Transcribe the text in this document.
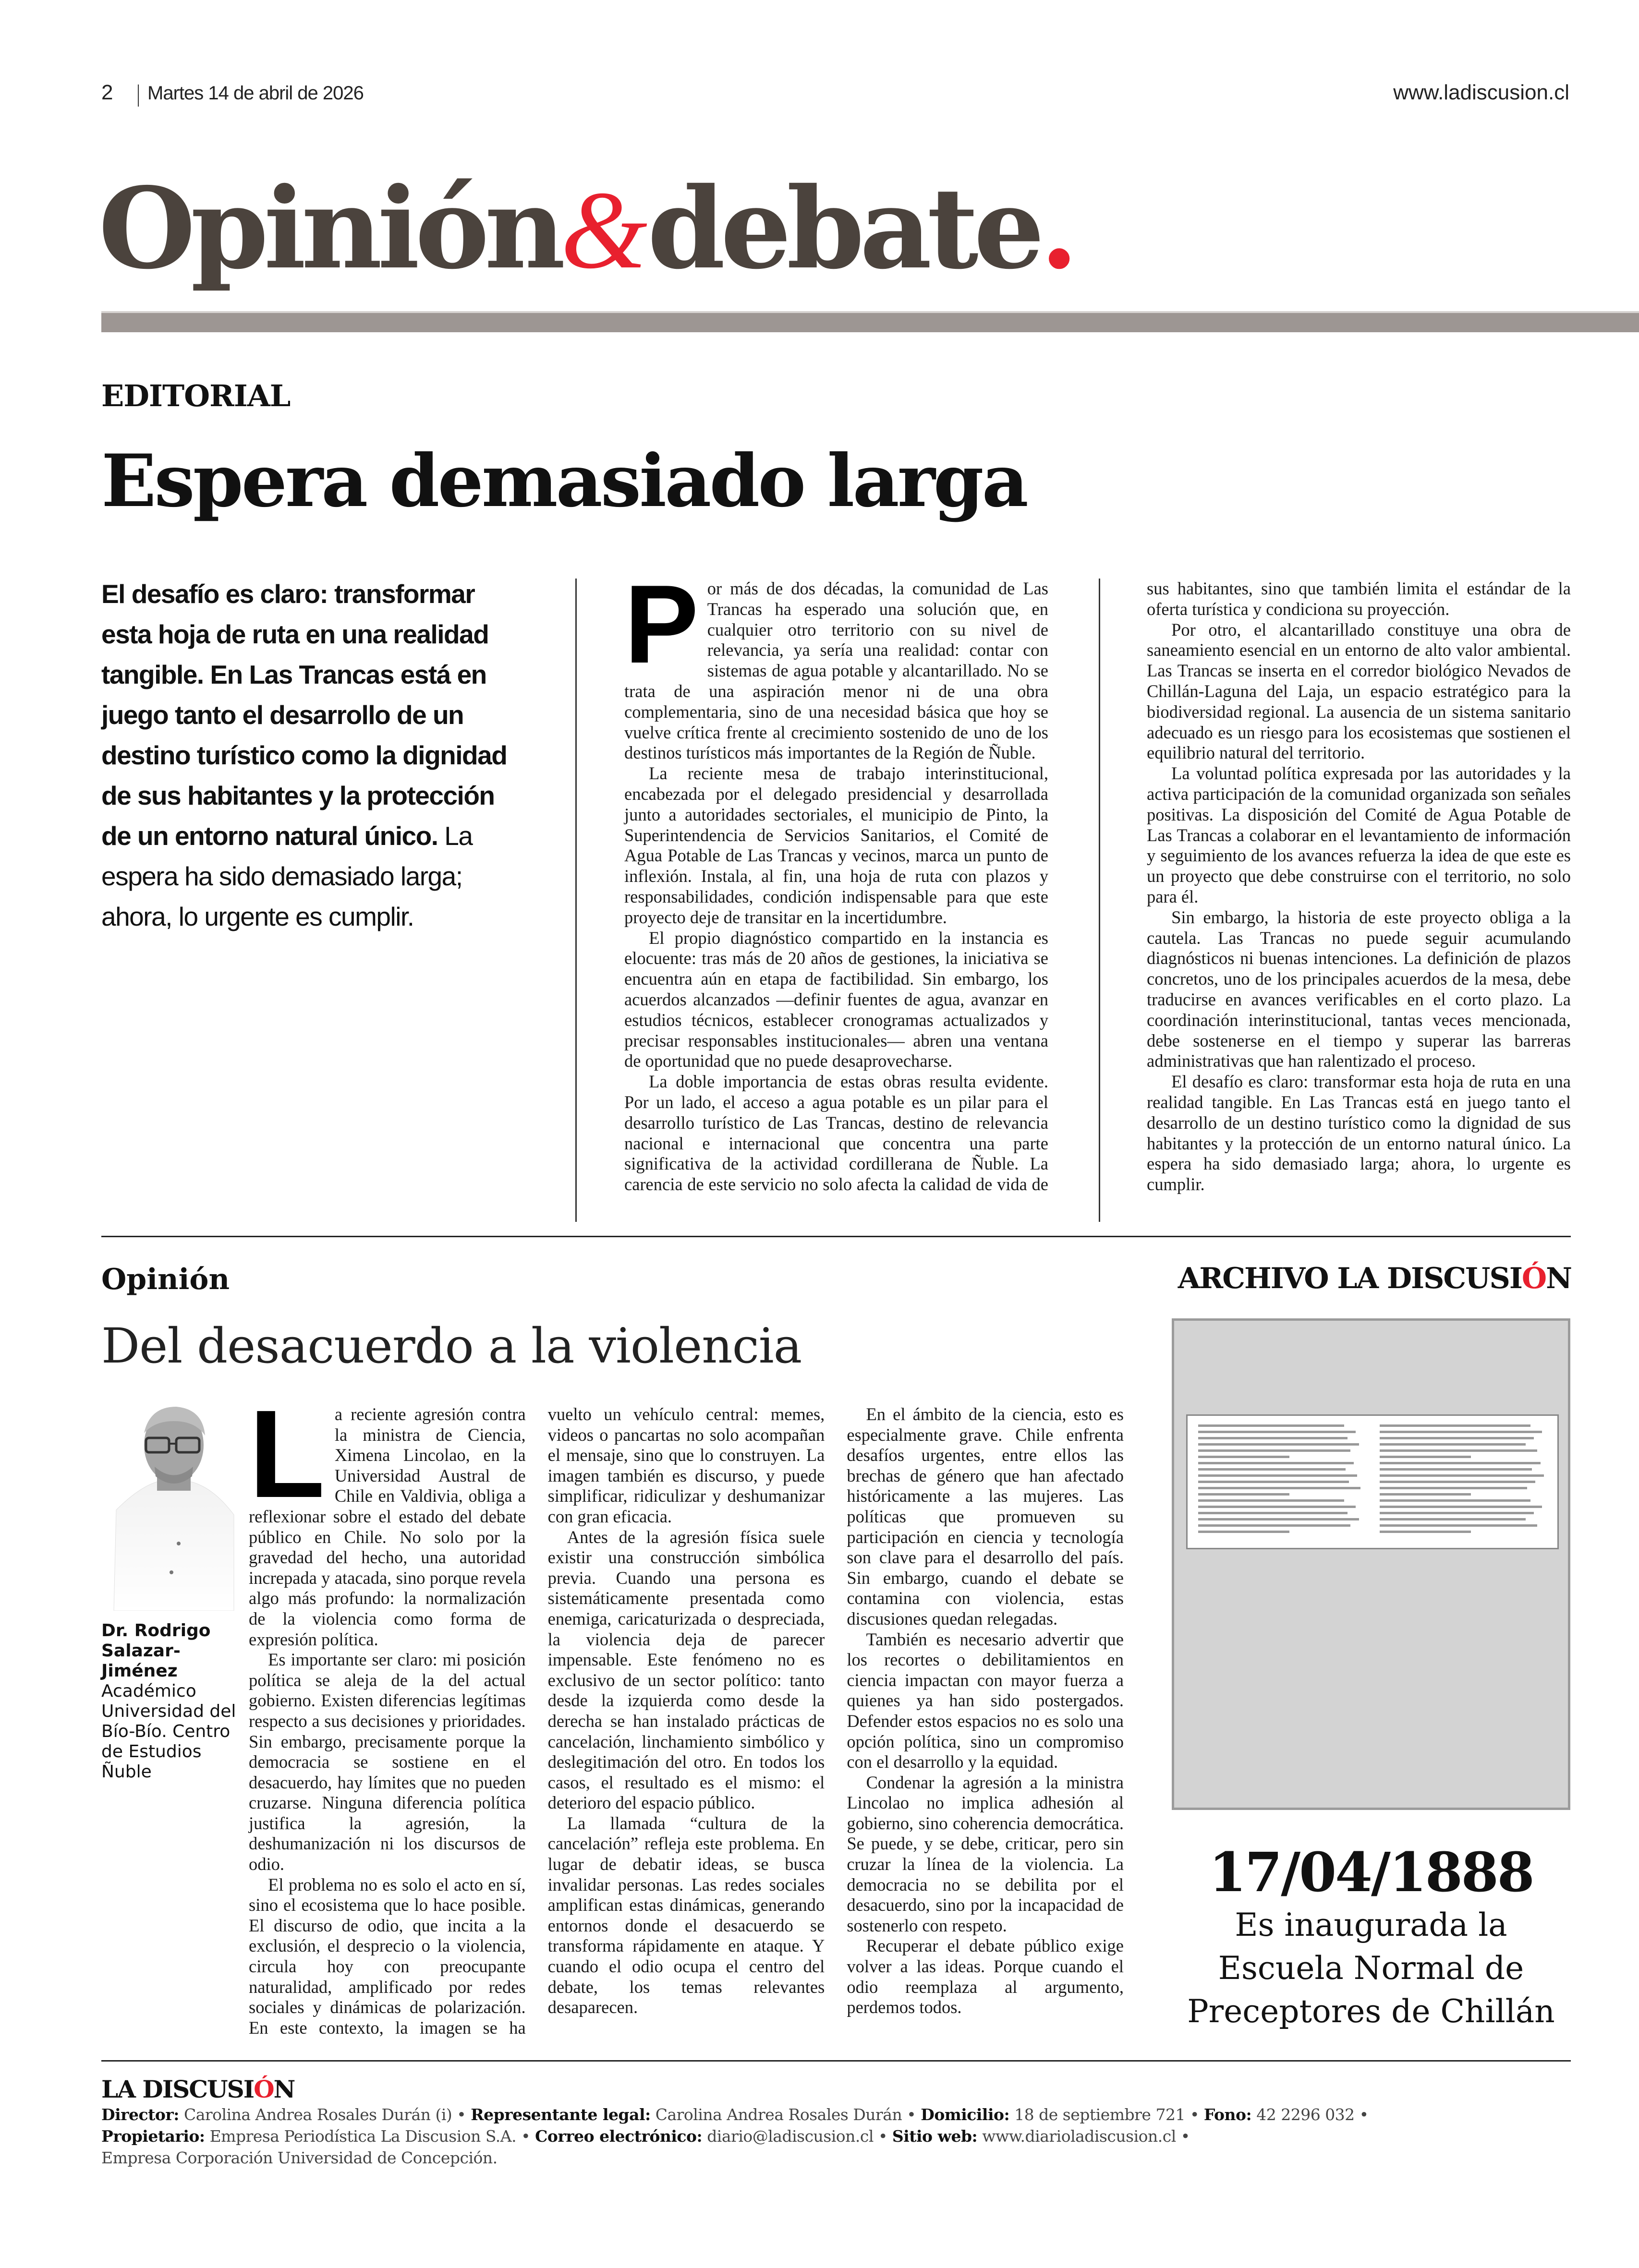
2 Martes 14 de abril de 2026	www.ladiscusion.cl
Opinión&debate.
EDITORIAL
Espera demasiado larga
El desafío es claro: transformar esta hoja de ruta en una realidad tangible. En Las Trancas está en juego tanto el desarrollo de un destino turístico como la dignidad de sus habitantes y la protección de un entorno natural único. La espera ha sido demasiado larga; ahora, lo urgente es cumplir.

Por más de dos décadas, la comunidad de Las Trancas ha esperado una solución que, en cualquier otro territorio con su nivel de relevancia, ya sería una realidad: contar con sistemas de agua potable y alcantarillado. No se trata de una aspiración menor ni de una obra complementaria, sino de una necesidad básica que hoy se vuelve crítica frente al crecimiento sostenido de uno de los destinos turísticos más importantes de la Región de Ñuble.

La reciente mesa de trabajo interinstitucional, encabezada por el delegado presidencial y desarrollada junto a autoridades sectoriales, el municipio de Pinto, la Superintendencia de Servicios Sanitarios, el Comité de Agua Potable de Las Trancas y vecinos, marca un punto de inflexión. Instala, al fin, una hoja de ruta con plazos y responsabilidades, condición indispensable para que este proyecto deje de transitar en la incertidumbre.

El propio diagnóstico compartido en la instancia es elocuente: tras más de 20 años de gestiones, la iniciativa se encuentra aún en etapa de factibilidad. Sin embargo, los acuerdos alcanzados —definir fuentes de agua, avanzar en estudios técnicos, establecer cronogramas actualizados y precisar responsables institucionales— abren una ventana de oportunidad que no puede desaprovecharse.

La doble importancia de estas obras resulta evidente. Por un lado, el acceso a agua potable es un pilar para el desarrollo turístico de Las Trancas, destino de relevancia nacional e internacional que concentra una parte significativa de la actividad cordillerana de Ñuble. La carencia de este servicio no solo afecta la calidad de vida de sus habitantes, sino que también limita el estándar de la oferta turística y condiciona su proyección.

Por otro, el alcantarillado constituye una obra de saneamiento esencial en un entorno de alto valor ambiental. Las Trancas se inserta en el corredor biológico Nevados de Chillán-Laguna del Laja, un espacio estratégico para la biodiversidad regional. La ausencia de un sistema sanitario adecuado es un riesgo para los ecosistemas que sostienen el equilibrio natural del territorio.

La voluntad política expresada por las autoridades y la activa participación de la comunidad organizada son señales positivas. La disposición del Comité de Agua Potable de Las Trancas a colaborar en el levantamiento de información y seguimiento de los avances refuerza la idea de que este es un proyecto que debe construirse con el territorio, no solo para él.

Sin embargo, la historia de este proyecto obliga a la cautela. Las Trancas no puede seguir acumulando diagnósticos ni buenas intenciones. La definición de plazos concretos, uno de los principales acuerdos de la mesa, debe traducirse en avances verificables en el corto plazo. La coordinación interinstitucional, tantas veces mencionada, debe sostenerse en el tiempo y superar las barreras administrativas que han ralentizado el proceso.

El desafío es claro: transformar esta hoja de ruta en una realidad tangible. En Las Trancas está en juego tanto el desarrollo de un destino turístico como la dignidad de sus habitantes y la protección de un entorno natural único. La espera ha sido demasiado larga; ahora, lo urgente es cumplir.

Opinión
Del desacuerdo a la violencia
Dr. Rodrigo
Salazar-
Jiménez
Académico Universidad del Bío-Bío. Centro de Estudios Ñuble

La reciente agresión contra la ministra de Ciencia, Ximena Lincolao, en la Universidad Austral de Chile en Valdivia, obliga a reflexionar sobre el estado del debate público en Chile. No solo por la gravedad del hecho, una autoridad increpada y atacada, sino porque revela algo más profundo: la normalización de la violencia como forma de expresión política.

Es importante ser claro: mi posición política se aleja de la del actual gobierno. Existen diferencias legítimas respecto a sus decisiones y prioridades. Sin embargo, precisamente porque la democracia se sostiene en el desacuerdo, hay límites que no pueden cruzarse. Ninguna diferencia política justifica la agresión, la deshumanización ni los discursos de odio.

El problema no es solo el acto en sí, sino el ecosistema que lo hace posible. El discurso de odio, que incita a la exclusión, el desprecio o la violencia, circula hoy con preocupante naturalidad, amplificado por redes sociales y dinámicas de polarización. En este contexto, la imagen se ha vuelto un vehículo central: memes, videos o pancartas no solo acompañan el mensaje, sino que lo construyen. La imagen también es discurso, y puede simplificar, ridiculizar y deshumanizar con gran eficacia.

Antes de la agresión física suele existir una construcción simbólica previa. Cuando una persona es sistemáticamente presentada como enemiga, caricaturizada o despreciada, la violencia deja de parecer impensable. Este fenómeno no es exclusivo de un sector político: tanto desde la izquierda como desde la derecha se han instalado prácticas de cancelación, linchamiento simbólico y deslegitimación del otro. En todos los casos, el resultado es el mismo: el deterioro del espacio público.

La llamada “cultura de la cancelación” refleja este problema. En lugar de debatir ideas, se busca invalidar personas. Las redes sociales amplifican estas dinámicas, generando entornos donde el desacuerdo se transforma rápidamente en ataque. Y cuando el odio ocupa el centro del debate, los temas relevantes desaparecen.

En el ámbito de la ciencia, esto es especialmente grave. Chile enfrenta desafíos urgentes, entre ellos las brechas de género que han afectado históricamente a las mujeres. Las políticas que promueven su participación en ciencia y tecnología son clave para el desarrollo del país. Sin embargo, cuando el debate se contamina con violencia, estas discusiones quedan relegadas.

También es necesario advertir que los recortes o debilitamientos en ciencia impactan con mayor fuerza a quienes ya han sido postergados. Defender estos espacios no es solo una opción política, sino un compromiso con el desarrollo y la equidad.

Condenar la agresión a la ministra Lincolao no implica adhesión al gobierno, sino coherencia democrática. Se puede, y se debe, criticar, pero sin cruzar la línea de la violencia. La democracia no se debilita por el desacuerdo, sino por la incapacidad de sostenerlo con respeto.

Recuperar el debate público exige volver a las ideas. Porque cuando el odio reemplaza al argumento, perdemos todos.

ARCHIVO LA DISCUSIÓN
17/04/1888
Es inaugurada la
Escuela Normal de
Preceptores de Chillán
LA DISCUSIÓN
Director: Carolina Andrea Rosales Durán (i) • Representante legal: Carolina Andrea Rosales Durán • Domicilio: 18 de septiembre 721 • Fono: 42 2296 032 •
Propietario: Empresa Periodística La Discusion S.A. • Correo electrónico: diario@ladiscusion.cl • Sitio web: www.diarioladiscusion.cl •
Empresa Corporación Universidad de Concepción.
